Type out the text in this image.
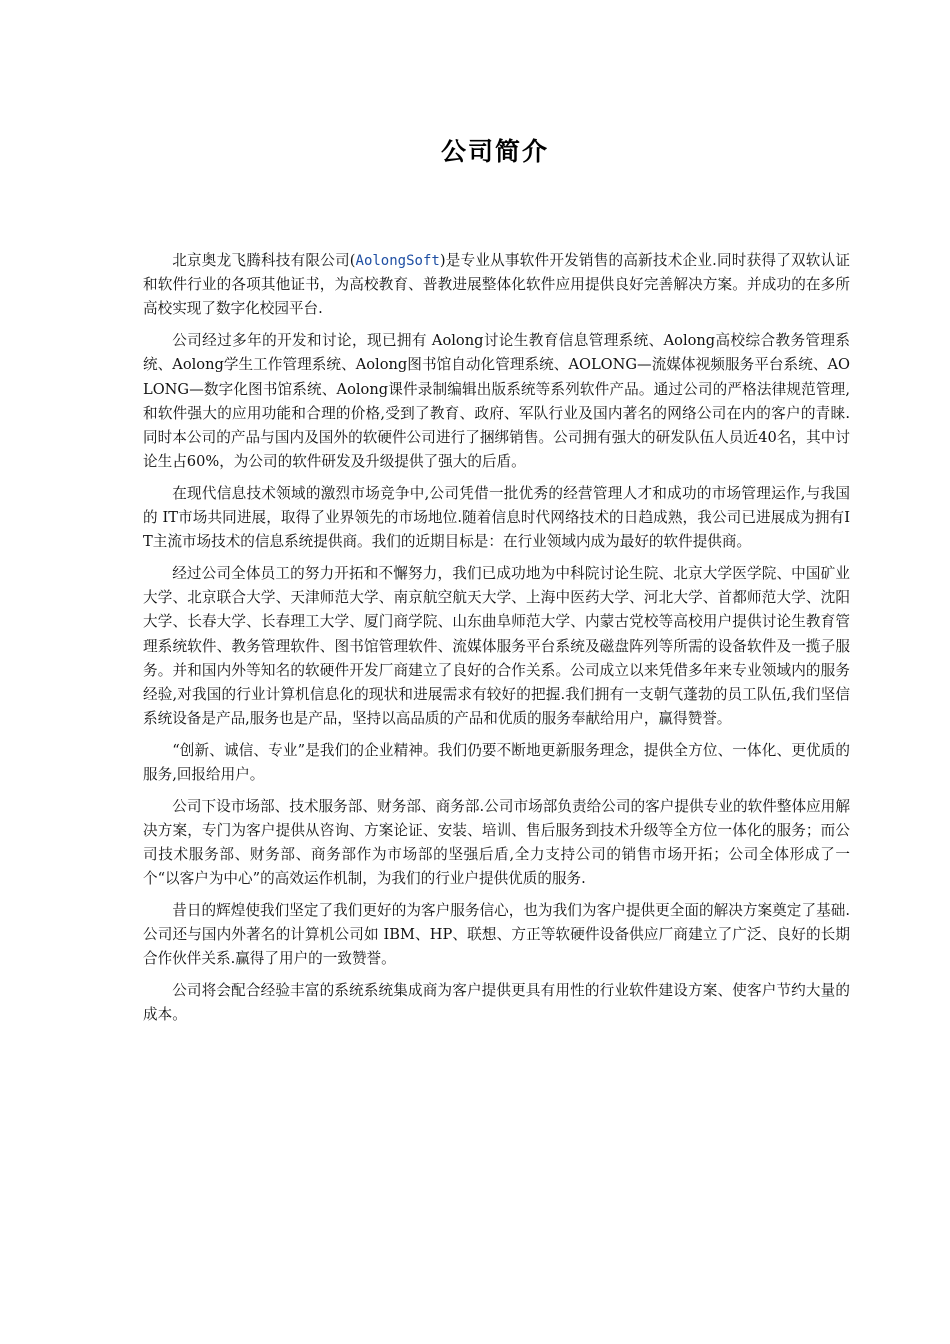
公司简介

北京奥龙飞腾科技有限公司(AolongSoft)是专业从事软件开发销售的高新技术企业.同时获得了双软认证和软件行业的各项其他证书，为高校教育、普教进展整体化软件应用提供良好完善解决方案。并成功的在多所高校实现了数字化校园平台.

公司经过多年的开发和讨论，现已拥有 Aolong讨论生教育信息管理系统、Aolong高校综合教务管理系统、Aolong学生工作管理系统、Aolong图书馆自动化管理系统、AOLONG—流媒体视频服务平台系统、AOLONG—数字化图书馆系统、Aolong课件录制编辑出版系统等系列软件产品。通过公司的严格法律规范管理,和软件强大的应用功能和合理的价格,受到了教育、政府、军队行业及国内著名的网络公司在内的客户的青睐.同时本公司的产品与国内及国外的软硬件公司进行了捆绑销售。公司拥有强大的研发队伍人员近40名，其中讨论生占60%，为公司的软件研发及升级提供了强大的后盾。

在现代信息技术领域的激烈市场竞争中,公司凭借一批优秀的经营管理人才和成功的市场管理运作,与我国的 IT市场共同进展，取得了业界领先的市场地位.随着信息时代网络技术的日趋成熟，我公司已进展成为拥有IT主流市场技术的信息系统提供商。我们的近期目标是：在行业领域内成为最好的软件提供商。

经过公司全体员工的努力开拓和不懈努力，我们已成功地为中科院讨论生院、北京大学医学院、中国矿业大学、北京联合大学、天津师范大学、南京航空航天大学、上海中医药大学、河北大学、首都师范大学、沈阳大学、长春大学、长春理工大学、厦门商学院、山东曲阜师范大学、内蒙古党校等高校用户提供讨论生教育管理系统软件、教务管理软件、图书馆管理软件、流媒体服务平台系统及磁盘阵列等所需的设备软件及一揽子服务。并和国内外等知名的软硬件开发厂商建立了良好的合作关系。公司成立以来凭借多年来专业领域内的服务经验,对我国的行业计算机信息化的现状和进展需求有较好的把握.我们拥有一支朝气蓬勃的员工队伍,我们坚信系统设备是产品,服务也是产品，坚持以高品质的产品和优质的服务奉献给用户，赢得赞誉。

“创新、诚信、专业”是我们的企业精神。我们仍要不断地更新服务理念，提供全方位、一体化、更优质的服务,回报给用户。

公司下设市场部、技术服务部、财务部、商务部.公司市场部负责给公司的客户提供专业的软件整体应用解决方案，专门为客户提供从咨询、方案论证、安装、培训、售后服务到技术升级等全方位一体化的服务；而公司技术服务部、财务部、商务部作为市场部的坚强后盾,全力支持公司的销售市场开拓；公司全体形成了一个“以客户为中心”的高效运作机制，为我们的行业户提供优质的服务.

昔日的辉煌使我们坚定了我们更好的为客户服务信心，也为我们为客户提供更全面的解决方案奠定了基础.公司还与国内外著名的计算机公司如 IBM、HP、联想、方正等软硬件设备供应厂商建立了广泛、良好的长期合作伙伴关系.赢得了用户的一致赞誉。

公司将会配合经验丰富的系统系统集成商为客户提供更具有用性的行业软件建设方案、使客户节约大量的成本。
